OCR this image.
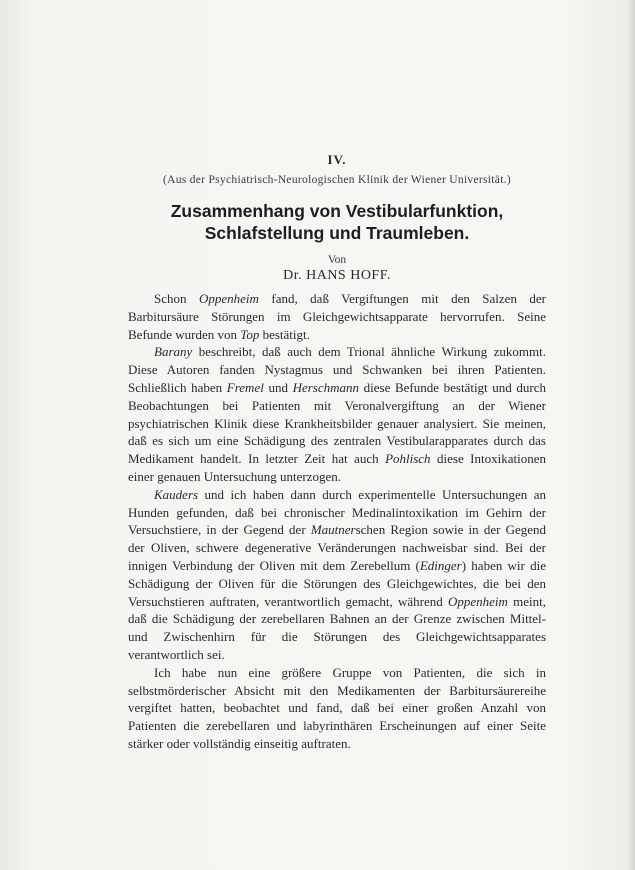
IV.
(Aus der Psychiatrisch-Neurologischen Klinik der Wiener Universität.)
Zusammenhang von Vestibularfunktion, Schlafstellung und Traumleben.
Von
Dr. HANS HOFF.

Schon Oppenheim fand, daß Vergiftungen mit den Salzen der Barbitursäure Störungen im Gleichgewichtsapparate hervorrufen. Seine Befunde wurden von Top bestätigt.

Barany beschreibt, daß auch dem Trional ähnliche Wirkung zukommt. Diese Autoren fanden Nystagmus und Schwanken bei ihren Patienten. Schließlich haben Fremel und Herschmann diese Befunde bestätigt und durch Beobachtungen bei Patienten mit Veronalvergiftung an der Wiener psychiatrischen Klinik diese Krankheitsbilder genauer analysiert. Sie meinen, daß es sich um eine Schädigung des zentralen Vestibularapparates durch das Medikament handelt. In letzter Zeit hat auch Pohlisch diese Intoxikationen einer genauen Untersuchung unterzogen.

Kauders und ich haben dann durch experimentelle Untersuchungen an Hunden gefunden, daß bei chronischer Medinalintoxikation im Gehirn der Versuchstiere, in der Gegend der Mautnerschen Region sowie in der Gegend der Oliven, schwere degenerative Veränderungen nachweisbar sind. Bei der innigen Verbindung der Oliven mit dem Zerebellum (Edinger) haben wir die Schädigung der Oliven für die Störungen des Gleichgewichtes, die bei den Versuchstieren auftraten, verantwortlich gemacht, während Oppenheim meint, daß die Schädigung der zerebellaren Bahnen an der Grenze zwischen Mittel- und Zwischenhirn für die Störungen des Gleichgewichtsapparates verantwortlich sei.

Ich habe nun eine größere Gruppe von Patienten, die sich in selbstmörderischer Absicht mit den Medikamenten der Barbitursäurereihe vergiftet hatten, beobachtet und fand, daß bei einer großen Anzahl von Patienten die zerebellaren und labyrinthären Erscheinungen auf einer Seite stärker oder vollständig einseitig auftraten.
